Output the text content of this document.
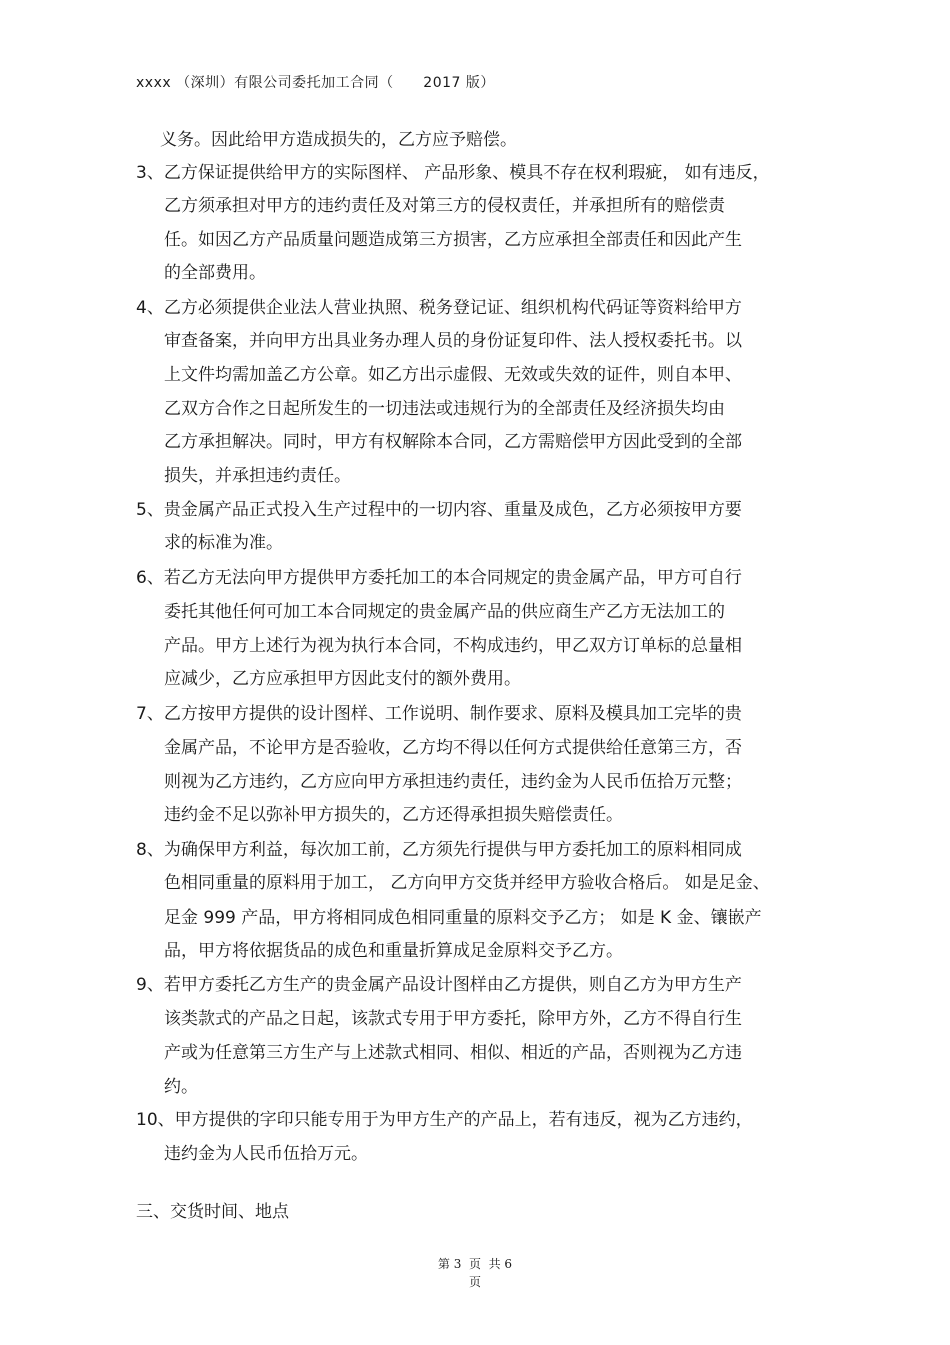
xxxx （深圳）有限公司委托加工合同（      2017 版）
义务。因此给甲方造成损失的，乙方应予赔偿。
3、乙方保证提供给甲方的实际图样、 产品形象、模具不存在权利瑕疵， 如有违反，
乙方须承担对甲方的违约责任及对第三方的侵权责任，并承担所有的赔偿责
任。如因乙方产品质量问题造成第三方损害，乙方应承担全部责任和因此产生
的全部费用。
4、乙方必须提供企业法人营业执照、税务登记证、组织机构代码证等资料给甲方
审查备案，并向甲方出具业务办理人员的身份证复印件、法人授权委托书。以
上文件均需加盖乙方公章。如乙方出示虚假、无效或失效的证件，则自本甲、
乙双方合作之日起所发生的一切违法或违规行为的全部责任及经济损失均由
乙方承担解决。同时，甲方有权解除本合同，乙方需赔偿甲方因此受到的全部
损失，并承担违约责任。
5、贵金属产品正式投入生产过程中的一切内容、重量及成色，乙方必须按甲方要
求的标准为准。
6、若乙方无法向甲方提供甲方委托加工的本合同规定的贵金属产品，甲方可自行
委托其他任何可加工本合同规定的贵金属产品的供应商生产乙方无法加工的
产品。甲方上述行为视为执行本合同，不构成违约，甲乙双方订单标的总量相
应减少，乙方应承担甲方因此支付的额外费用。
7、乙方按甲方提供的设计图样、工作说明、制作要求、原料及模具加工完毕的贵
金属产品，不论甲方是否验收，乙方均不得以任何方式提供给任意第三方，否
则视为乙方违约，乙方应向甲方承担违约责任，违约金为人民币伍拾万元整；
违约金不足以弥补甲方损失的，乙方还得承担损失赔偿责任。
8、为确保甲方利益，每次加工前，乙方须先行提供与甲方委托加工的原料相同成
色相同重量的原料用于加工， 乙方向甲方交货并经甲方验收合格后。 如是足金、
足金 999 产品，甲方将相同成色相同重量的原料交予乙方； 如是 K 金、镶嵌产
品，甲方将依据货品的成色和重量折算成足金原料交予乙方。
9、若甲方委托乙方生产的贵金属产品设计图样由乙方提供，则自乙方为甲方生产
该类款式的产品之日起，该款式专用于甲方委托，除甲方外，乙方不得自行生
产或为任意第三方生产与上述款式相同、相似、相近的产品，否则视为乙方违
约。
10、甲方提供的字印只能专用于为甲方生产的产品上，若有违反，视为乙方违约，
违约金为人民币伍拾万元。
三、交货时间、地点
第 3  页  共 6
页
